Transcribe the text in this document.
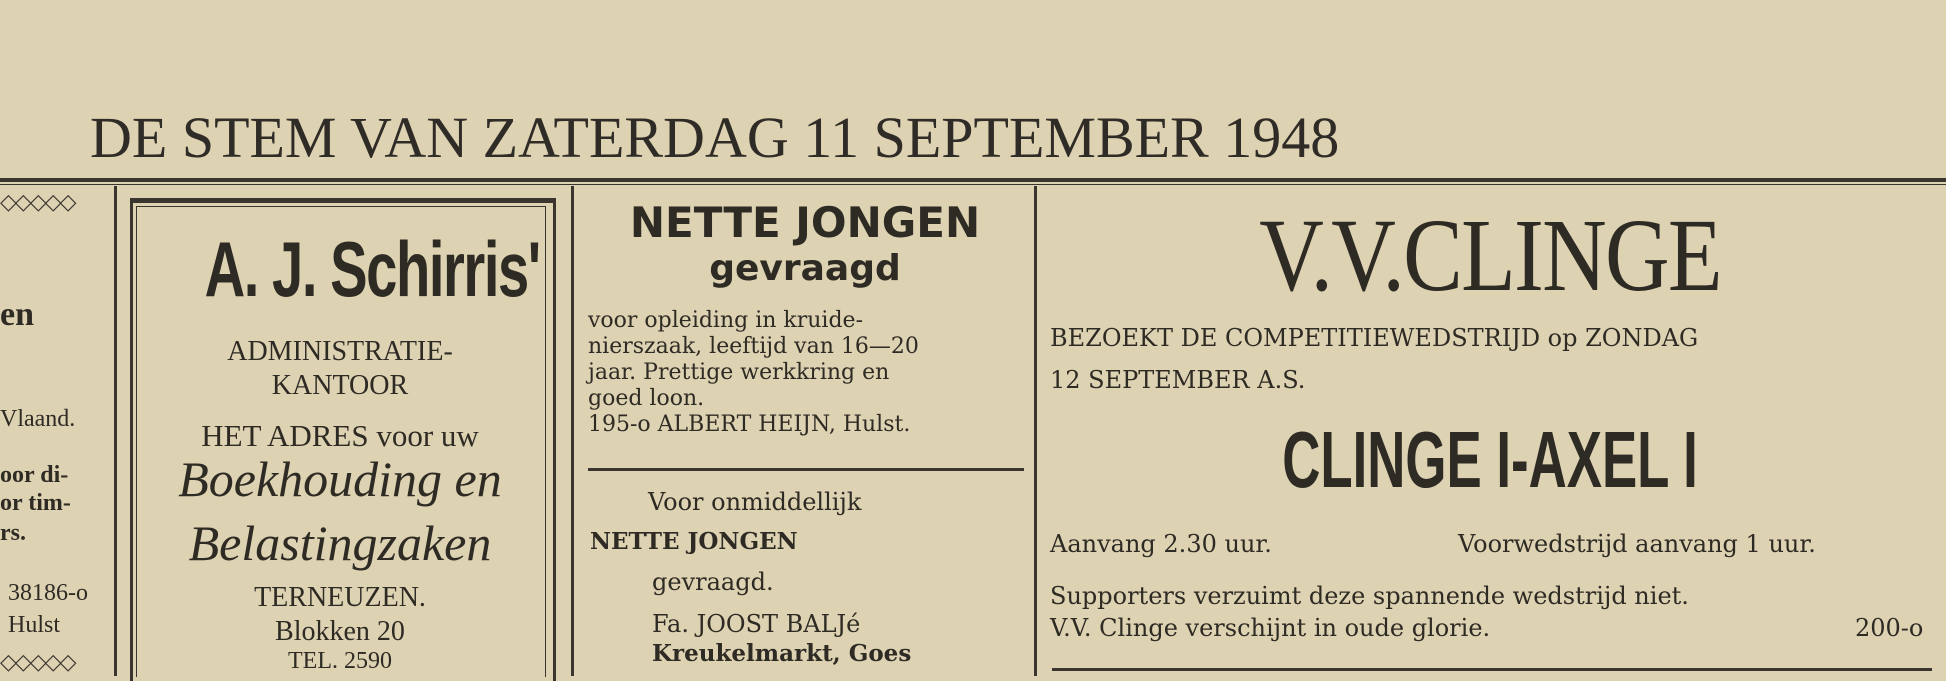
DE STEM VAN ZATERDAG 11 SEPTEMBER 1948
◇◇◇◇◇
en
Vlaand.
oor di-
or tim-
rs.
38186-o
Hulst
◇◇◇◇◇
A. J. Schirris'
ADMINISTRATIE-
KANTOOR
HET ADRES voor uw
Boekhouding en
Belastingzaken
TERNEUZEN.
Blokken 20
TEL. 2590
NETTE JONGEN
gevraagd
voor opleiding in kruide-
nierszaak, leeftijd van 16—20
jaar. Prettige werkkring en
goed loon.
195-o ALBERT HEIJN, Hulst.
Voor onmiddellijk
NETTE JONGEN
gevraagd.
Fa. JOOST BALJé
Kreukelmarkt, Goes
V.V.CLINGE
BEZOEKT DE COMPETITIEWEDSTRIJD op ZONDAG
12 SEPTEMBER A.S.
CLINGE I-AXEL I
Aanvang 2.30 uur.	Voorwedstrijd aanvang 1 uur.
Supporters verzuimt deze spannende wedstrijd niet.
V.V. Clinge verschijnt in oude glorie.	200-o
